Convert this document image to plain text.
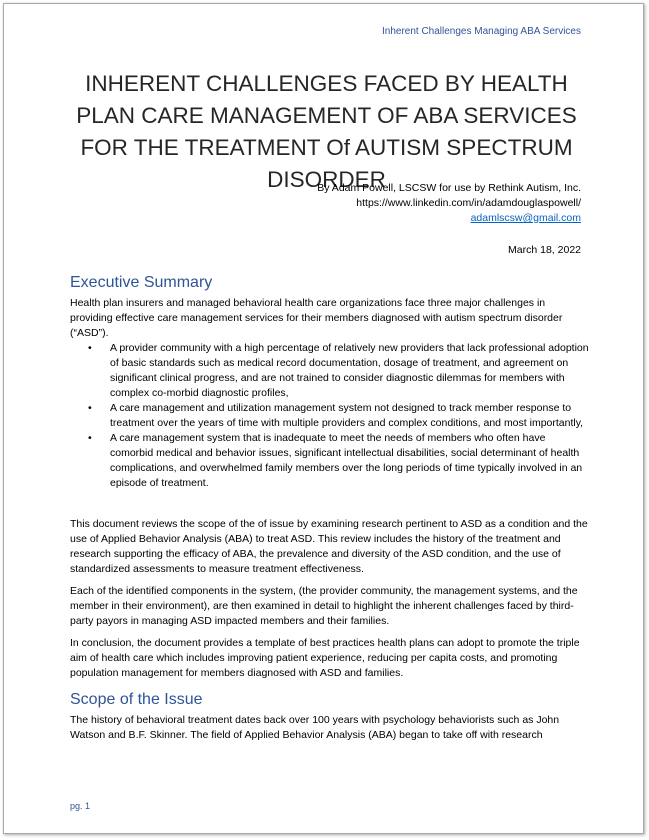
Inherent Challenges Managing ABA Services
INHERENT CHALLENGES FACED BY HEALTH PLAN CARE MANAGEMENT OF ABA SERVICES FOR THE TREATMENT Of AUTISM SPECTRUM DISORDER
By Adam Powell, LSCSW for use by Rethink Autism, Inc.
https://www.linkedin.com/in/adamdouglaspowell/
adamlscsw@gmail.com
March 18, 2022
Executive Summary

Health plan insurers and managed behavioral health care organizations face three major challenges in providing effective care management services for their members diagnosed with autism spectrum disorder (“ASD”).

• A provider community with a high percentage of relatively new providers that lack professional adoption of basic standards such as medical record documentation, dosage of treatment, and agreement on significant clinical progress, and are not trained to consider diagnostic dilemmas for members with complex co-morbid diagnostic profiles,
• A care management and utilization management system not designed to track member response to treatment over the years of time with multiple providers and complex conditions, and most importantly,
• A care management system that is inadequate to meet the needs of members who often have comorbid medical and behavior issues, significant intellectual disabilities, social determinant of health complications, and overwhelmed family members over the long periods of time typically involved in an episode of treatment.

This document reviews the scope of the of issue by examining research pertinent to ASD as a condition and the use of Applied Behavior Analysis (ABA) to treat ASD. This review includes the history of the treatment and research supporting the efficacy of ABA, the prevalence and diversity of the ASD condition, and the use of standardized assessments to measure treatment effectiveness.

Each of the identified components in the system, (the provider community, the management systems, and the member in their environment), are then examined in detail to highlight the inherent challenges faced by third-party payors in managing ASD impacted members and their families.

In conclusion, the document provides a template of best practices health plans can adopt to promote the triple aim of health care which includes improving patient experience, reducing per capita costs, and promoting population management for members diagnosed with ASD and families.

Scope of the Issue

The history of behavioral treatment dates back over 100 years with psychology behaviorists such as John Watson and B.F. Skinner. The field of Applied Behavior Analysis (ABA) began to take off with research

pg. 1
